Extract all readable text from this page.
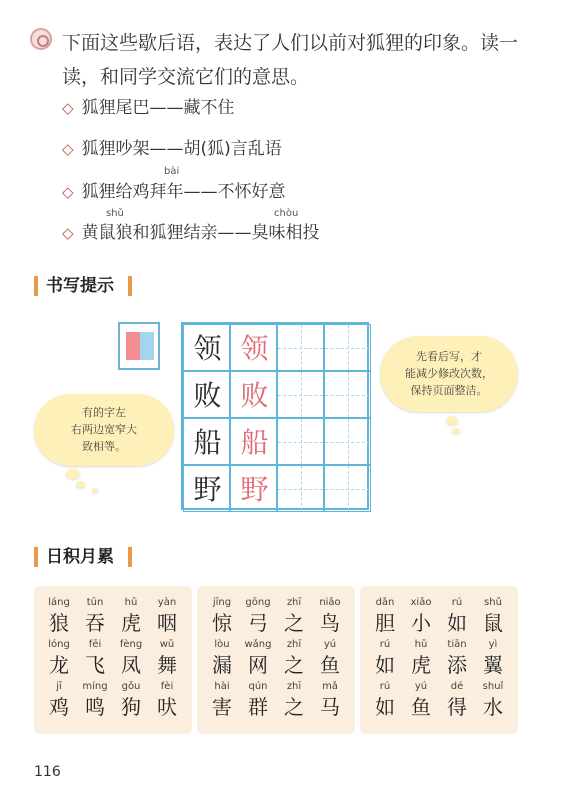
下面这些歇后语，表达了人们以前对狐狸的印象。读一
读，和同学交流它们的意思。
◇ 狐狸尾巴——藏不住
◇ 狐狸吵架——胡(狐)言乱语
bài
◇ 狐狸给鸡拜年——不怀好意
shǔ	chòu
◇ 黄鼠狼和狐狸结亲——臭味相投
书写提示
领 领
败 败
船 船
野 野
有的字左
右两边宽窄大
致相等。
先看后写，才
能减少修改次数，
保持页面整洁。
日积月累
láng
狼
tūn
吞
hǔ
虎
yàn
咽
lóng
龙
fēi
飞
fèng
凤
wǔ
舞
jī
鸡
míng
鸣
gǒu
狗
fèi
吠
jīng
惊
gōng
弓
zhī
之
niǎo
鸟
lòu
漏
wǎng
网
zhī
之
yú
鱼
hài
害
qún
群
zhī
之
mǎ
马
dǎn
胆
xiǎo
小
rú
如
shǔ
鼠
rú
如
hǔ
虎
tiān
添
yì
翼
rú
如
yú
鱼
dé
得
shuǐ
水
116
